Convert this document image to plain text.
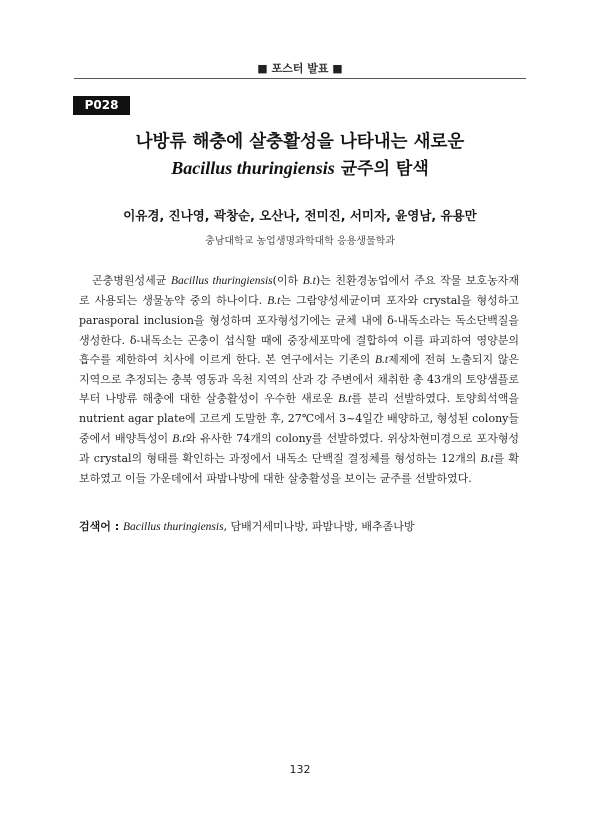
■ 포스터 발표 ■
P028
나방류 해충에 살충활성을 나타내는 새로운
Bacillus thuringiensis 균주의 탐색
이유경, 진나영, 곽창순, 오산나, 전미진, 서미자, 윤영남, 유용만
충남대학교 농업생명과학대학 응용생물학과
곤충병원성세균 Bacillus thuringiensis(이하 B.t)는 친환경농업에서 주요 작물 보호농자재로 사용되는 생물농약 중의 하나이다. B.t는 그람양성세균이며 포자와 crystal을 형성하고 parasporal inclusion을 형성하며 포자형성기에는 균체 내에 δ-내독소라는 독소단백질을 생성한다. δ-내독소는 곤충이 섭식할 때에 중장세포막에 결합하여 이를 파괴하여 영양분의 흡수를 제한하여 치사에 이르게 한다. 본 연구에서는 기존의 B.t제제에 전혀 노출되지 않은 지역으로 추정되는 충북 영동과 옥천 지역의 산과 강 주변에서 채취한 총 43개의 토양샘플로부터 나방류 해충에 대한 살충활성이 우수한 새로운 B.t를 분리 선발하였다. 토양희석액을 nutrient agar plate에 고르게 도말한 후, 27℃에서 3~4일간 배양하고, 형성된 colony들 중에서 배양특성이 B.t와 유사한 74개의 colony를 선발하였다. 위상차현미경으로 포자형성과 crystal의 형태를 확인하는 과정에서 내독소 단백질 결정체를 형성하는 12개의 B.t를 확보하였고 이들 가운데에서 파밤나방에 대한 살충활성을 보이는 균주를 선발하였다.
검색어 : Bacillus thuringiensis, 담배거세미나방, 파밤나방, 배추좀나방
132
